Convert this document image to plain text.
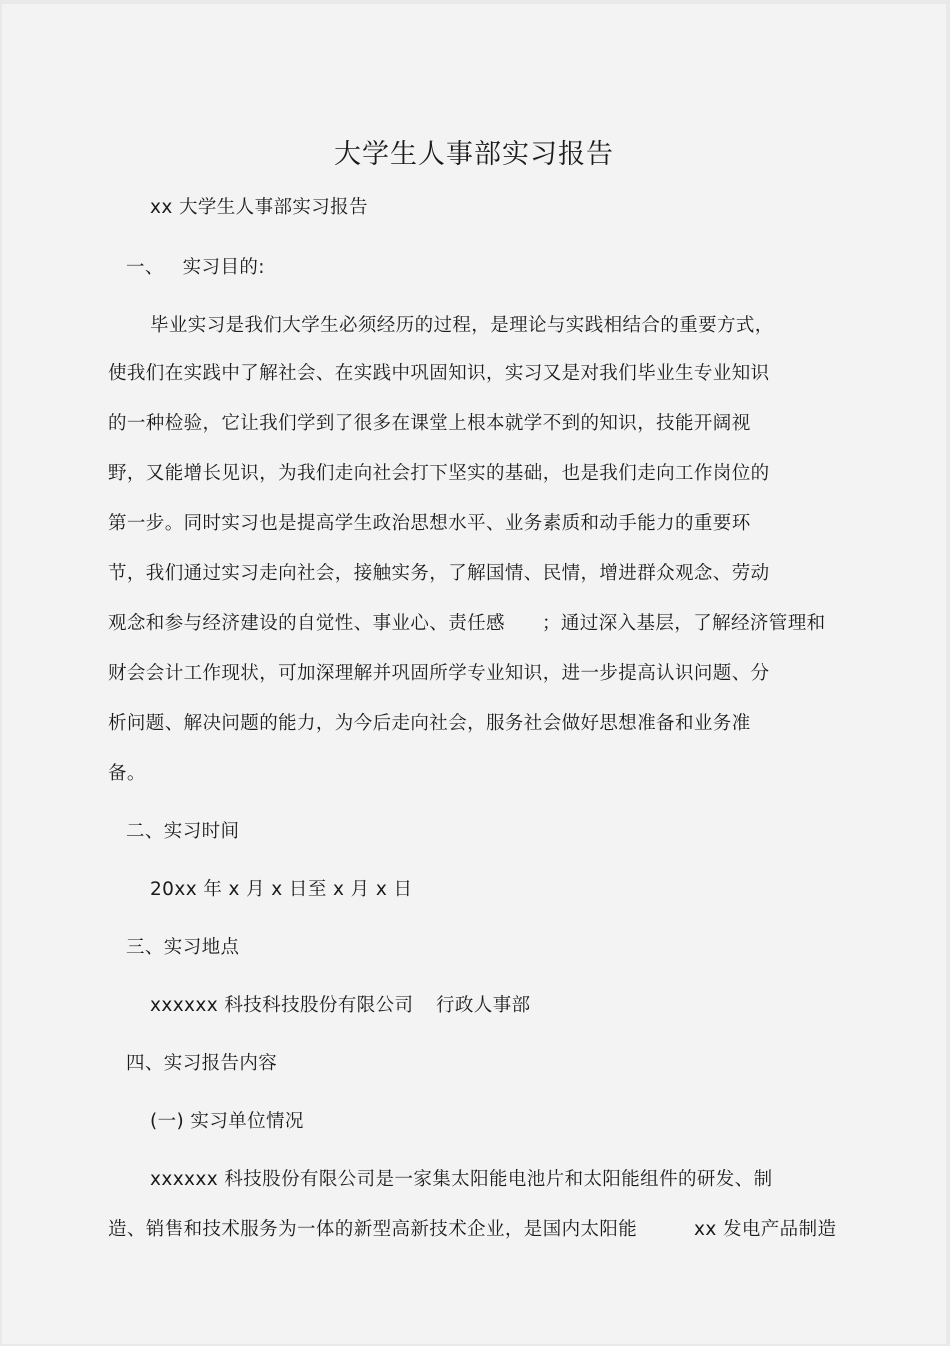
大学生人事部实习报告
xx 大学生人事部实习报告
一、   实习目的:
毕业实习是我们大学生必须经历的过程，是理论与实践相结合的重要方式，
使我们在实践中了解社会、在实践中巩固知识，实习又是对我们毕业生专业知识
的一种检验，它让我们学到了很多在课堂上根本就学不到的知识，技能开阔视
野，又能增长见识，为我们走向社会打下坚实的基础，也是我们走向工作岗位的
第一步。同时实习也是提高学生政治思想水平、业务素质和动手能力的重要环
节，我们通过实习走向社会，接触实务，了解国情、民情，增进群众观念、劳动
观念和参与经济建设的自觉性、事业心、责任感 ；通过深入基层，了解经济管理和
财会会计工作现状，可加深理解并巩固所学专业知识，进一步提高认识问题、分
析问题、解决问题的能力，为今后走向社会，服务社会做好思想准备和业务准
备。
二、实习时间
20xx 年 x 月 x 日至 x 月 x 日
三、实习地点
xxxxxx 科技科技股份有限公司 行政人事部
四、实习报告内容
(一) 实习单位情况
xxxxxx 科技股份有限公司是一家集太阳能电池片和太阳能组件的研发、制
造、销售和技术服务为一体的新型高新技术企业，是国内太阳能	xx 发电产品制造
